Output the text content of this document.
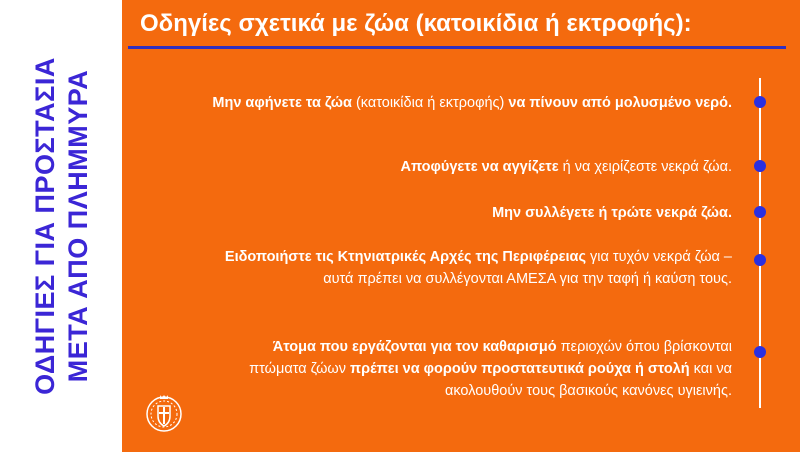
ΟΔΗΓΙΕΣ ΓΙΑ ΠΡΟΣΤΑΣΙΑ ΜΕΤΑ ΑΠΟ ΠΛΗΜΜΥΡΑ
Οδηγίες σχετικά με ζώα (κατοικίδια ή εκτροφής):
Μην αφήνετε τα ζώα (κατοικίδια ή εκτροφής) να πίνουν από μολυσμένο νερό.
Αποφύγετε να αγγίζετε ή να χειρίζεστε νεκρά ζώα.
Μην συλλέγετε ή τρώτε νεκρά ζώα.
Ειδοποιήστε τις Κτηνιατρικές Αρχές της Περιφέρειας για τυχόν νεκρά ζώα – αυτά πρέπει να συλλέγονται ΑΜΕΣΑ για την ταφή ή καύση τους.
Άτομα που εργάζονται για τον καθαρισμό περιοχών όπου βρίσκονται πτώματα ζώων πρέπει να φορούν προστατευτικά ρούχα ή στολή και να ακολουθούν τους βασικούς κανόνες υγιεινής.
